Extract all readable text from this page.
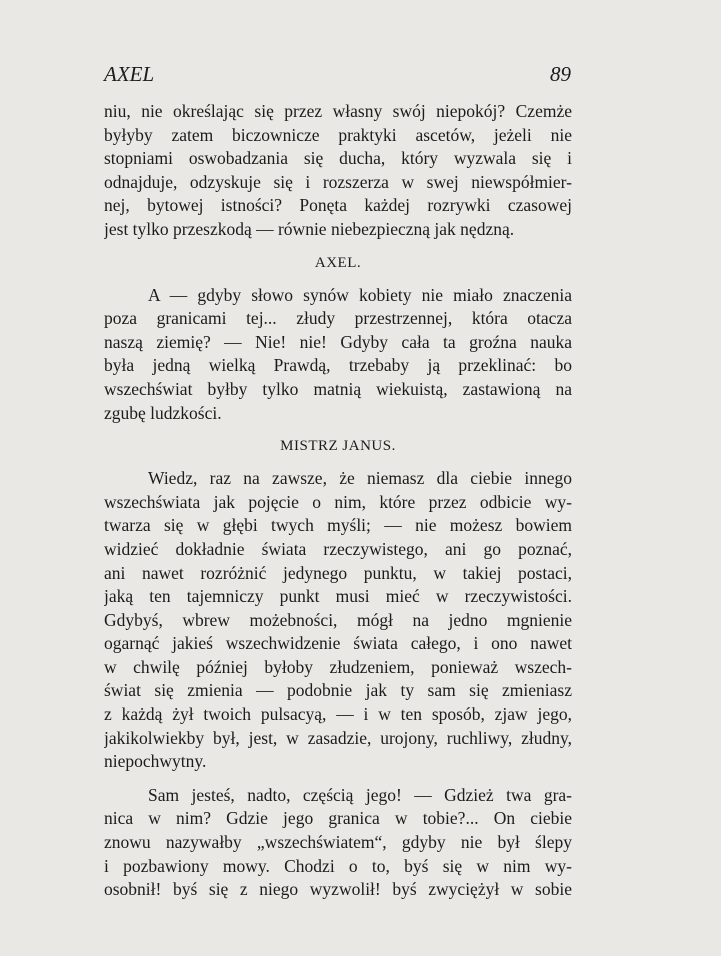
AXEL	89
niu, nie określając się przez własny swój niepokój? Czemże
byłyby zatem biczownicze praktyki ascetów, jeżeli nie
stopniami oswobadzania się ducha, który wyzwala się i
odnajduje, odzyskuje się i rozszerza w swej niewspółmier-
nej, bytowej istności? Ponęta każdej rozrywki czasowej
jest tylko przeszkodą — równie niebezpieczną jak nędzną.
AXEL.
A — gdyby słowo synów kobiety nie miało znaczenia
poza granicami tej... złudy przestrzennej, która otacza
naszą ziemię? — Nie! nie! Gdyby cała ta groźna nauka
była jedną wielką Prawdą, trzebaby ją przeklinać: bo
wszechświat byłby tylko matnią wiekuistą, zastawioną na
zgubę ludzkości.
MISTRZ JANUS.
Wiedz, raz na zawsze, że niemasz dla ciebie innego
wszechświata jak pojęcie o nim, które przez odbicie wy-
twarza się w głębi twych myśli; — nie możesz bowiem
widzieć dokładnie świata rzeczywistego, ani go poznać,
ani nawet rozróżnić jedynego punktu, w takiej postaci,
jaką ten tajemniczy punkt musi mieć w rzeczywistości.
Gdybyś, wbrew możebności, mógł na jedno mgnienie
ogarnąć jakieś wszechwidzenie świata całego, i ono nawet
w chwilę później byłoby złudzeniem, ponieważ wszech-
świat się zmienia — podobnie jak ty sam się zmieniasz
z każdą żył twoich pulsacyą, — i w ten sposób, zjaw jego,
jakikolwiekby był, jest, w zasadzie, urojony, ruchliwy, złudny,
niepochwytny.
Sam jesteś, nadto, częścią jego! — Gdzież twa gra-
nica w nim? Gdzie jego granica w tobie?... On ciebie
znowu nazywałby „wszechświatem“, gdyby nie był ślepy
i pozbawiony mowy. Chodzi o to, byś się w nim wy-
osobnił! byś się z niego wyzwolił! byś zwyciężył w sobie
